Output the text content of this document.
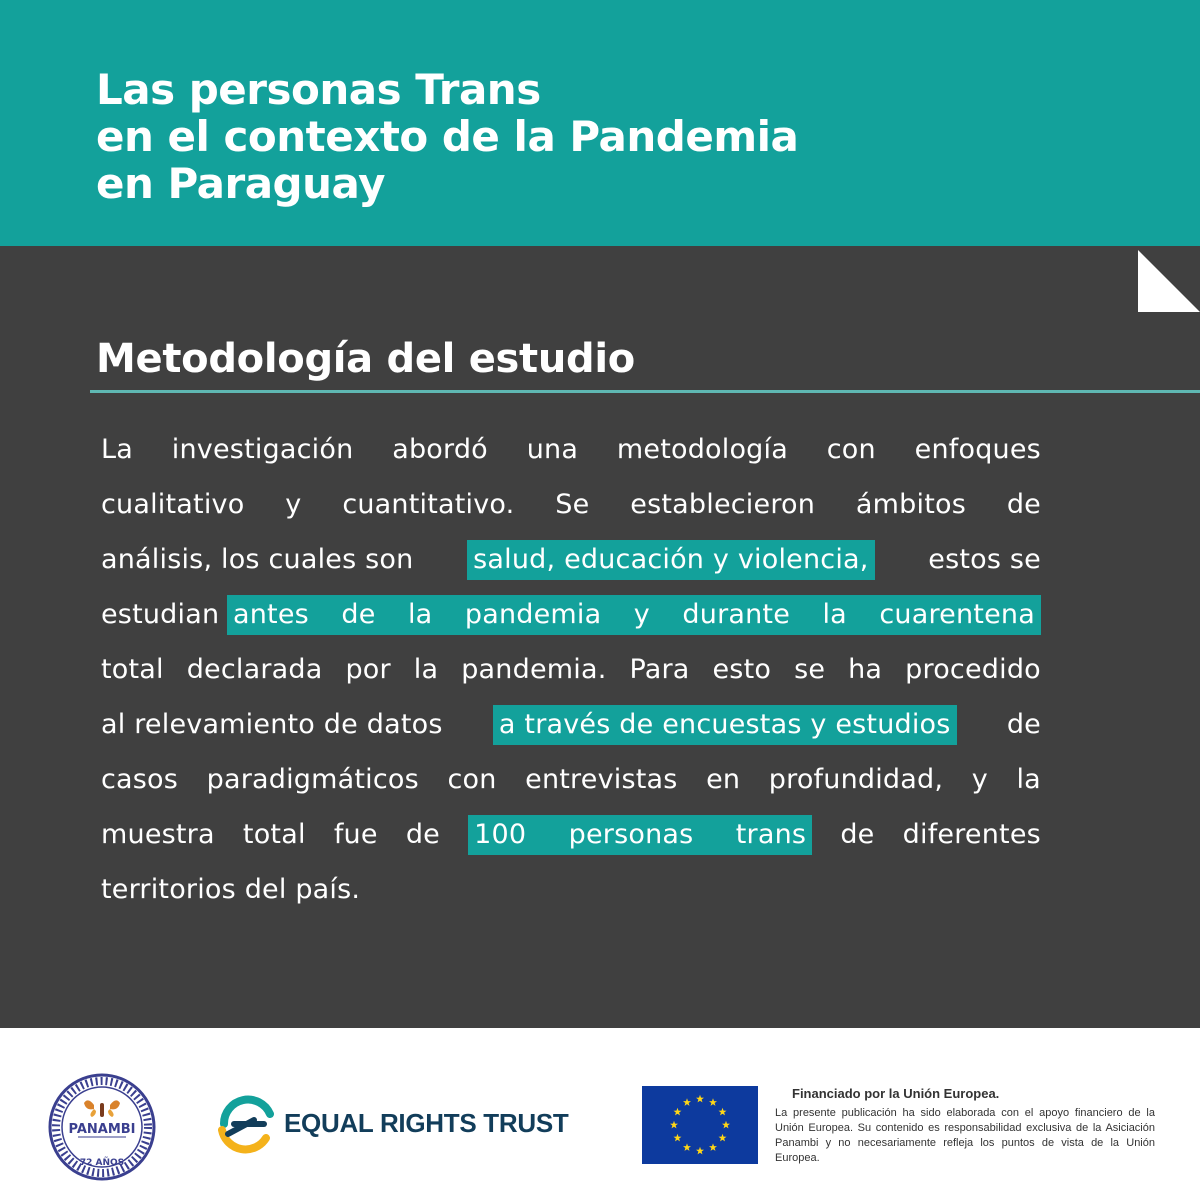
Las personas Trans
en el contexto de la Pandemia
en Paraguay
Metodología del estudio
La investigación abordó una metodología con enfoques
cualitativo y cuantitativo. Se establecieron ámbitos de
análisis, los cuales son salud, educación y violencia, estos se
estudian antes de la pandemia y durante la cuarentena
total declarada por la pandemia. Para esto se ha procedido
al relevamiento de datos a través de encuestas y estudios de
casos paradigmáticos con entrevistas en profundidad, y la
muestra total fue de 100 personas trans de diferentes
territorios del país.
PANAMBI
72 AÑOS
EQUAL RIGHTS TRUST
Financiado por la Unión Europea.
La presente publicación ha sido elaborada con el apoyo financiero de la Unión Europea. Su contenido es responsabilidad exclusiva de la Asiciación Panambi y no necesariamente refleja los puntos de vista de la Unión Europea.
